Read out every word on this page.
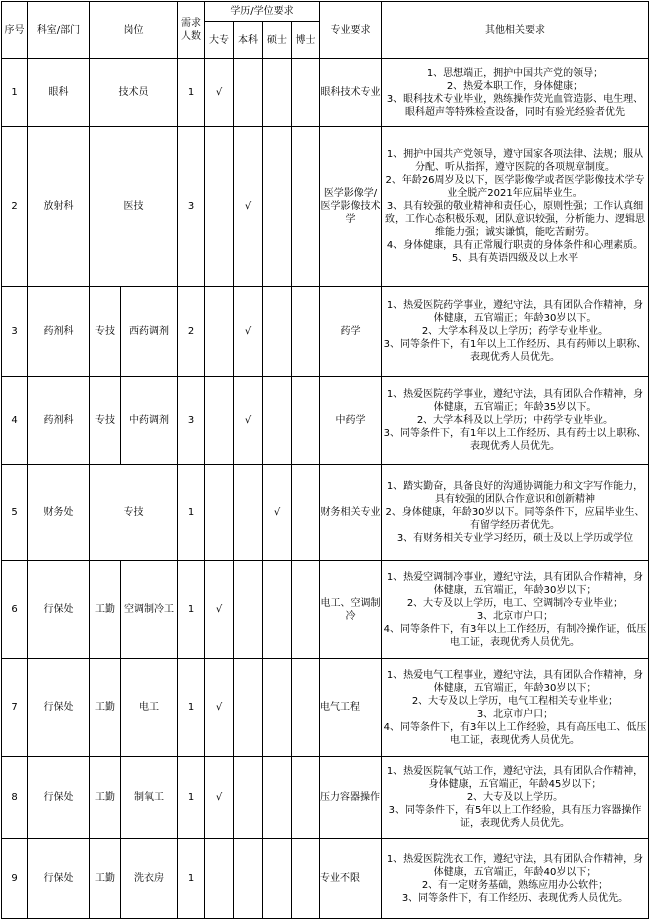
序号	科室/部门	岗位		需求人数	学历/学位要求				专业要求	其他相关要求
					大专	本科	硕士	博士		
1	眼科	技术员		1	√				眼科技术专业	1、思想端正，拥护中国共产党的领导；
2、热爱本职工作，身体健康；
3、眼科技术专业毕业，熟练操作荧光血管造影、电生理、眼科超声等特殊检查设备，同时有验光经验者优先

2	放射科	医技		3		√			医学影像学/医学影像技术学	1、拥护中国共产党领导，遵守国家各项法律、法规；服从分配、听从指挥，遵守医院的各项规章制度。
2、年龄26周岁及以下，医学影像学或者医学影像技术学专业全脱产2021年应届毕业生。
3、具有较强的敬业精神和责任心，原则性强；工作认真细致，工作心态积极乐观，团队意识较强，分析能力、逻辑思维能力强；诚实谦慎，能吃苦耐劳。
4、身体健康，具有正常履行职责的身体条件和心理素质。
5、具有英语四级及以上水平

3	药剂科	专技	西药调剂	2		√			药学	1、热爱医院药学事业，遵纪守法，具有团队合作精神，身体健康，五官端正；年龄30岁以下。
2、大学本科及以上学历；药学专业毕业。
3、同等条件下，有1年以上工作经历、具有药师以上职称、表现优秀人员优先。

4	药剂科	专技	中药调剂	3		√			中药学	1、热爱医院药学事业，遵纪守法，具有团队合作精神，身体健康，五官端正；年龄35岁以下。
2、大学本科及以上学历；中药学专业毕业。
3、同等条件下，有1年以上工作经历、具有药士以上职称、表现优秀人员优先。

5	财务处	专技		1			√		财务相关专业	1、踏实勤奋，具备良好的沟通协调能力和文字写作能力，具有较强的团队合作意识和创新精神
2、身体健康，年龄30岁以下。同等条件下，应届毕业生、有留学经历者优先。
3、有财务相关专业学习经历，硕士及以上学历或学位

6	行保处	工勤	空调制冷工	1	√				电工、空调制冷	1、热爱空调制冷事业，遵纪守法，具有团队合作精神，身体健康，五官端正，年龄30岁以下；
2、大专及以上学历，电工、空调制冷专业毕业；
3、北京市户口；
4、同等条件下，有3年以上工作经历，有制冷操作证，低压电工证，表现优秀人员优先。

7	行保处	工勤	电工	1	√				电气工程	1、热爱电气工程事业，遵纪守法，具有团队合作精神，身体健康，五官端正，年龄30岁以下；
2、大专及以上学历，电气工程相关专业毕业；
3、北京市户口；
4、同等条件下，有3年以上工作经验，具有高压电工、低压电工证，表现优秀人员优先。

8	行保处	工勤	制氧工	1	√				压力容器操作	1、热爱医院氧气站工作，遵纪守法，具有团队合作精神，身体健康，五官端正，年龄45岁以下；
2、大专及以上学历。
3、同等条件下，有5年以上工作经验，具有压力容器操作证，表现优秀人员优先。

9	行保处	工勤	洗衣房	1					专业不限	1、热爱医院洗衣工作，遵纪守法，具有团队合作精神，身体健康，五官端正，年龄40岁以下；
2、有一定财务基础，熟练应用办公软件；
3、同等条件下，有工作经历、表现优秀人员优先。
